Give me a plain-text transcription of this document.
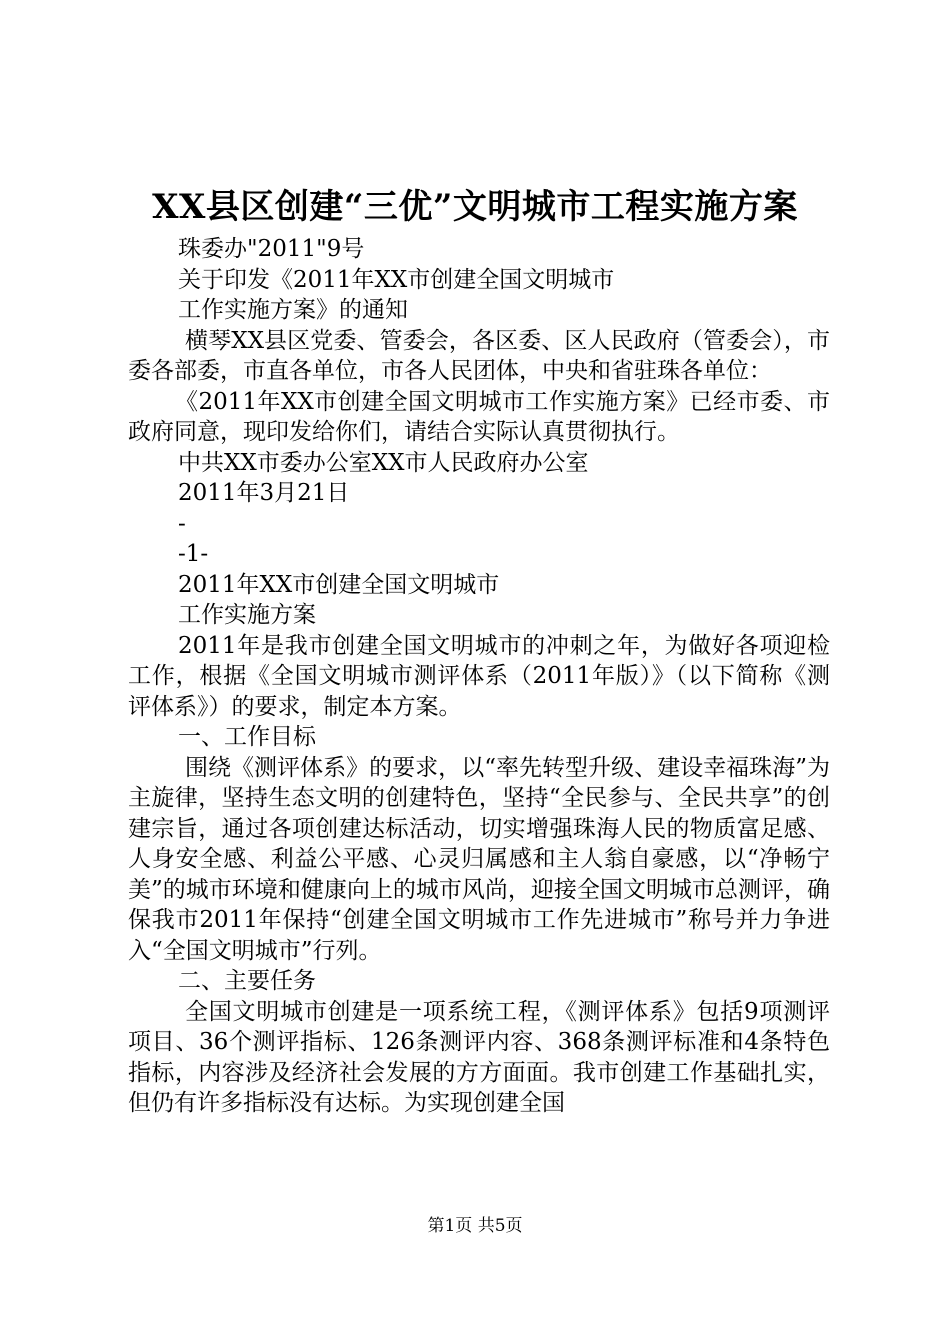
XX县区创建“三优”文明城市工程实施方案

珠委办"2011"9号

关于印发《2011年XX市创建全国文明城市

工作实施方案》的通知

横琴XX县区党委、管委会，各区委、区人民政府（管委会），市委各部委，市直各单位，市各人民团体，中央和省驻珠各单位：

《2011年XX市创建全国文明城市工作实施方案》已经市委、市政府同意，现印发给你们，请结合实际认真贯彻执行。

中共XX市委办公室XX市人民政府办公室

2011年3月21日

-

-1-

2011年XX市创建全国文明城市

工作实施方案

2011年是我市创建全国文明城市的冲刺之年，为做好各项迎检工作，根据《全国文明城市测评体系（2011年版）》（以下简称《测评体系》）的要求，制定本方案。

一、工作目标

围绕《测评体系》的要求，以“率先转型升级、建设幸福珠海”为主旋律，坚持生态文明的创建特色，坚持“全民参与、全民共享”的创建宗旨，通过各项创建达标活动，切实增强珠海人民的物质富足感、人身安全感、利益公平感、心灵归属感和主人翁自豪感，以“净畅宁美”的城市环境和健康向上的城市风尚，迎接全国文明城市总测评，确保我市2011年保持“创建全国文明城市工作先进城市”称号并力争进入“全国文明城市”行列。

二、主要任务

全国文明城市创建是一项系统工程，《测评体系》包括9项测评项目、36个测评指标、126条测评内容、368条测评标准和4条特色指标，内容涉及经济社会发展的方方面面。我市创建工作基础扎实，但仍有许多指标没有达标。为实现创建全国

第1页 共5页
